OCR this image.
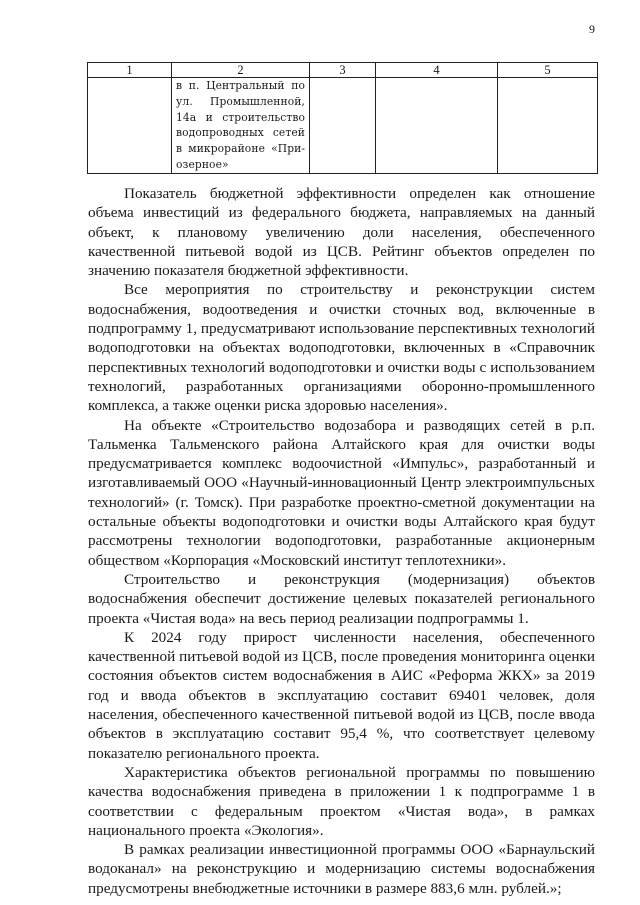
9
1	2	3	4	5
	в п. Центральный по ул. Промышленной, 14а и строительство водопроводных сетей в микрорайоне «Приозерное»			

Показатель бюджетной эффективности определен как отношение объема инвестиций из федерального бюджета, направляемых на данный объект, к плановому увеличению доли населения, обеспеченного качественной питьевой водой из ЦСВ. Рейтинг объектов определен по значению показателя бюджетной эффективности.

Все мероприятия по строительству и реконструкции систем водоснабжения, водоотведения и очистки сточных вод, включенные в подпрограмму 1, предусматривают использование перспективных технологий водоподготовки на объектах водоподготовки, включенных в «Справочник перспективных технологий водоподготовки и очистки воды с использованием технологий, разработанных организациями оборонно-промышленного комплекса, а также оценки риска здоровью населения».

На объекте «Строительство водозабора и разводящих сетей в р.п. Тальменка Тальменского района Алтайского края для очистки воды предусматривается комплекс водоочистной «Импульс», разработанный и изготавливаемый ООО «Научный-инновационный Центр электроимпульсных технологий» (г. Томск). При разработке проектно-сметной документации на остальные объекты водоподготовки и очистки воды Алтайского края будут рассмотрены технологии водоподготовки, разработанные акционерным обществом «Корпорация «Московский институт теплотехники».

Строительство и реконструкция (модернизация) объектов водоснабжения обеспечит достижение целевых показателей регионального проекта «Чистая вода» на весь период реализации подпрограммы 1.

К 2024 году прирост численности населения, обеспеченного качественной питьевой водой из ЦСВ, после проведения мониторинга оценки состояния объектов систем водоснабжения в АИС «Реформа ЖКХ» за 2019 год и ввода объектов в эксплуатацию составит 69401 человек, доля населения, обеспеченного качественной питьевой водой из ЦСВ, после ввода объектов в эксплуатацию составит 95,4 %, что соответствует целевому показателю регионального проекта.

Характеристика объектов региональной программы по повышению качества водоснабжения приведена в приложении 1 к подпрограмме 1 в соответствии с федеральным проектом «Чистая вода», в рамках национального проекта «Экология».

В рамках реализации инвестиционной программы ООО «Барнаульский водоканал» на реконструкцию и модернизацию системы водоснабжения предусмотрены внебюджетные источники в размере 883,6 млн. рублей.»;
